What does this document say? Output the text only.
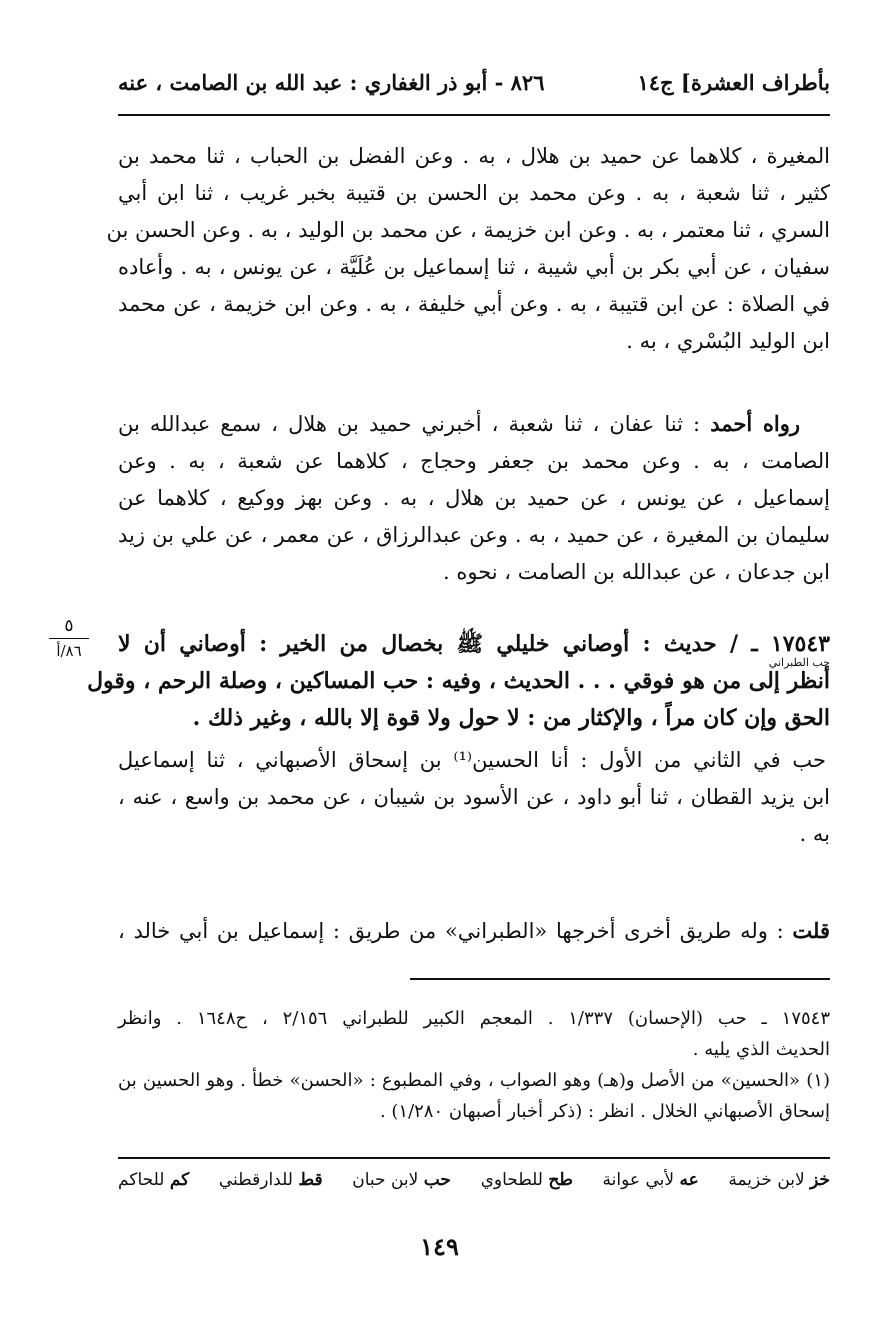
بأطراف العشرة] ج١٤
٨٢٦ - أبو ذر الغفاري : عبد الله بن الصامت ، عنه
المغيرة ، كلاهما عن حميد بن هلال ، به . وعن الفضل بن الحباب ، ثنا محمد بن
كثير ، ثنا شعبة ، به . وعن محمد بن الحسن بن قتيبة بخبر غريب ، ثنا ابن أبي
السري ، ثنا معتمر ، به . وعن ابن خزيمة ، عن محمد بن الوليد ، به . وعن الحسن بن
سفيان ، عن أبي بكر بن أبي شيبة ، ثنا إسماعيل بن عُلَيَّة ، عن يونس ، به . وأعاده
في الصلاة : عن ابن قتيبة ، به . وعن أبي خليفة ، به . وعن ابن خزيمة ، عن محمد
ابن الوليد البُسْري ، به .
رواه أحمد : ثنا عفان ، ثنا شعبة ، أخبرني حميد بن هلال ، سمع عبدالله بن
الصامت ، به . وعن محمد بن جعفر وحجاج ، كلاهما عن شعبة ، به . وعن
إسماعيل ، عن يونس ، عن حميد بن هلال ، به . وعن بهز ووكيع ، كلاهما عن
سليمان بن المغيرة ، عن حميد ، به . وعن عبدالرزاق ، عن معمر ، عن علي بن زيد
ابن جدعان ، عن عبدالله بن الصامت ، نحوه .
١٧٥٤٣ ـ / حديث : أوصاني خليلي ﷺ بخصال من الخير : أوصاني أن لا
أنظر إلى من هو فوقي . . . الحديث ، وفيه : حب المساكين ، وصلة الرحم ، وقول
الحق وإن كان مراً ، والإكثار من : لا حول ولا قوة إلا بالله ، وغير ذلك .
حب الطبراني
٥
٨٦/أ
حب في الثاني من الأول : أنا الحسين⁽¹⁾ بن إسحاق الأصبهاني ، ثنا إسماعيل
ابن يزيد القطان ، ثنا أبو داود ، عن الأسود بن شيبان ، عن محمد بن واسع ، عنه ،
به .
قلت : وله طريق أخرى أخرجها «الطبراني» من طريق : إسماعيل بن أبي خالد ،
١٧٥٤٣ ـ حب (الإحسان) ١/٣٣٧ . المعجم الكبير للطبراني ٢/١٥٦ ، ح١٦٤٨ . وانظر
الحديث الذي يليه .
(١) «الحسين» من الأصل و(هـ) وهو الصواب ، وفي المطبوع : «الحسن» خطأ . وهو الحسين بن
إسحاق الأصبهاني الخلال . انظر : (ذكر أخبار أصبهان ١/٢٨٠) .
خز لابن خزيمة
عه لأبي عوانة
طح للطحاوي
حب لابن حبان
قط للدارقطني
كم للحاكم
١٤٩
